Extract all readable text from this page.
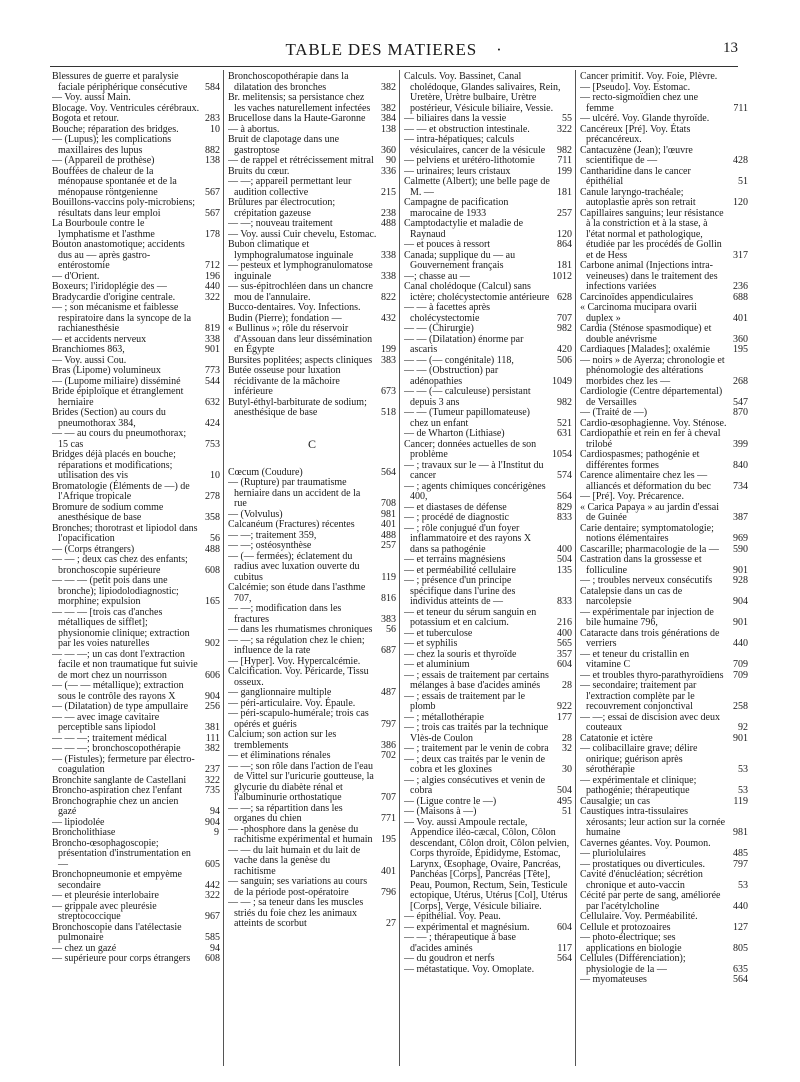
TABLE DES MATIERES ·	13
Blessures de guerre et paralysie faciale périphérique consécutive 584
— Voy. aussi Main.
Blocage. Voy. Ventricules cérébraux.
Bogota et retour.	283
Bouche; réparation des bridges.	10
— (Lupus); les complications maxillaires des lupus	882
— (Appareil de prothèse)	138
Bouffées de chaleur de la ménopause spontanée et de la ménopause röntgenienne	567
Bouillons-vaccins poly-microbiens; résultats dans leur emploi	567
La Bourboule contre le lymphatisme et l'asthme	178
Bouton anastomotique; accidents dus au — après gastro-entérostomie	712
— d'Orient.	196
Boxeurs; l'iridoplégie des —	440
Bradycardie d'origine centrale.	322
— ; son mécanisme et faiblesse respiratoire dans la syncope de la rachianesthésie	819
— et accidents nerveux	338
Branchiomes 863,	901
— Voy. aussi Cou.
Bras (Lipome) volumineux	773
— (Lupome miliaire) disséminé 544
Bride épiploïque et étranglement herniaire	632
Brides (Section) au cours du pneumothorax 384,	424
— — au cours du pneumothorax; 15 cas	753
Bridges déjà placés en bouche; réparations et modifications; utilisation des vis	10
Bromatologie (Éléments de —) de l'Afrique tropicale	278
Bromure de sodium comme anesthésique de base	358
Bronches; thorotrast et lipiodol dans l'opacification	56
— (Corps étrangers)	488
— — ; deux cas chez des enfants; bronchoscopie supérieure	608
— — — (petit pois dans une bronche); lipiodolodiagnostic; morphine; expulsion	165
— — — [trois cas d'anches métalliques de sifflet]; physionomie clinique; extraction par les voies naturelles	902
— — —; un cas dont l'extraction facile et non traumatique fut suivie de mort chez un nourrisson	606
— (— — métallique); extraction sous le contrôle des rayons X	904
— (Dilatation) de type ampullaire 256
— — avec image cavitaire perceptible sans lipiodol	381
— — —; traitement médical	111
— — —; bronchoscopothérapie 382
— (Fistules); fermeture par électro-coagulation	237
Bronchite sanglante de Castellani 322
Broncho-aspiration chez l'enfant 735
Bronchographie chez un ancien gazé	94
— lipiodolée	904
Broncholithiase	9
Broncho-œsophagoscopie; présentation d'instrumentation en —	605
Bronchopneumonie et empyème secondaire	442
— et pleurésie interlobaire	322
— grippale avec pleurésie streptococcique	967
Bronchoscopie dans l'atélectasie pulmonaire	585
— chez un gazé	94
— supérieure pour corps étrangers 608
Bronchoscopothérapie dans la dilatation des bronches	382
Br. melitensis; sa persistance chez les vaches naturellement infectées 382
Brucellose dans la Haute-Garonne 384
— à abortus.	138
Bruit de clapotage dans une gastroptose	360
— de rappel et rétrécissement mitral 90
Bruits du cœur.	336
— —; appareil permettant leur audition collective	215
Brûlures par électrocution; crépitation gazeuse	238
— —; nouveau traitement	488
— Voy. aussi Cuir chevelu, Estomac.
Bubon climatique et lymphogralumatose inguinale	338
— pesteux et lymphogranulomatose inguinale	338
— sus-épitrochléen dans un chancre mou de l'annulaire.	822
Bucco-dentaires. Voy. Infections.
Budin (Pierre); fondation —	432
« Bullinus »; rôle du réservoir d'Assouan dans leur dissémination en Égypte	199
Bursites poplitées; aspects cliniques 383
Butée osseuse pour luxation récidivante de la mâchoire inférieure	673
Butyl-éthyl-barbiturate de sodium; anesthésique de base	518
C
Cœcum (Coudure)	564
— (Rupture) par traumatisme herniaire dans un accident de la rue	708
— (Volvulus)	981
Calcanéum (Fractures) récentes	401
— —; traitement 359,	488
— —; ostéosynthèse	257
— (— fermées); éclatement du radius avec luxation ouverte du cubitus	119
Calcémie; son étude dans l'asthme 707,	816
— —; modification dans les fractures	383
— dans les rhumatismes chroniques 56
— —; sa régulation chez le chien; influence de la rate	687
— [Hyper]. Voy. Hypercalcémie.
Calcification. Voy. Péricarde, Tissu osseux.
— ganglionnaire multiple	487
— péri-articulaire. Voy. Épaule.
— péri-scapulo-humérale; trois cas opérés et guéris	797
Calcium; son action sur les tremblements	386
— et éliminations rénales	702
— —; son rôle dans l'action de l'eau de Vittel sur l'uricurie goutteuse, la glycurie du diabète rénal et l'albuminurie orthostatique	707
— —; sa répartition dans les organes du chien	771
— -phosphore dans la genèse du rachitisme expérimental et humain 195
— — du lait humain et du lait de vache dans la genèse du rachitisme	401
— sanguin; ses variations au cours de la période post-opératoire	796
— — ; sa teneur dans les muscles striés du foie chez les animaux atteints de scorbut	27
Calculs. Voy. Bassinet, Canal cholédoque, Glandes salivaires, Rein, Uretère, Urètre bulbaire, Urètre postérieur, Vésicule biliaire, Vessie.
— biliaires dans la vessie	55
— — et obstruction intestinale.	322
— intra-hépatiques; calculs vésiculaires, cancer de la vésicule 982
— pelviens et urétéro-lithotomie 711
— urinaires; leurs cristaux	199
Calmette (Albert); une belle page de M. —	181
Campagne de pacification marocaine de 1933	257
Camptodactylie et maladie de Raynaud	120
— et pouces à ressort	864
Canada; supplique du — au Gouvernement français	181
—; chasse au —	1012
Canal cholédoque (Calcul) sans ictère; cholécystectomie antérieure 628
— — à facettes après cholécystectomie	707
— — (Chirurgie)	982
— — (Dilatation) énorme par ascaris	420
— — (— congénitale) 118,	506
— — (Obstruction) par adénopathies	1049
— — (— calculeuse) persistant depuis 3 ans	982
— — (Tumeur papillomateuse) chez un enfant	521
— de Wharton (Lithiase)	631
Cancer; données actuelles de son problème	1054
— ; travaux sur le — à l'Institut du cancer	574
— ; agents chimiques concérigènes 400,	564
— et diastases de défense	829
— ; procédé de diagnostic	833
— ; rôle conjugué d'un foyer inflammatoire et des rayons X dans sa pathogénie	400
— et terrains magnésiens	504
— et perméabilité cellulaire	135
— ; présence d'un principe spécifique dans l'urine des individus atteints de —	833
— et teneur du sérum sanguin en potassium et en calcium.	216
— et tuberculose	400
— et syphilis	565
— chez la souris et thyroïde	357
— et aluminium	604
— ; essais de traitement par certains mélanges à base d'acides aminés 28
— ; essais de traitement par le plomb	922
— ; métallothérapie	177
— ; trois cas traités par la technique Vlès-de Coulon	28
— ; traitement par le venin de cobra 32
— ; deux cas traités par le venin de cobra et les gloxines	30
— ; algies consécutives et venin de cobra	504
— (Ligue contre le —)	495
— (Maisons à —)	51
— Voy. aussi Ampoule rectale, Appendice iléo-cæcal, Côlon, Côlon descendant, Côlon droit, Côlon pelvien, Corps thyroïde, Épididyme, Estomac, Larynx, Œsophage, Ovaire, Pancréas, Panchéas [Corps], Pancréas [Tête], Peau, Poumon, Rectum, Sein, Testicule ectopique, Utérus, Utérus [Col], Utérus [Corps], Verge, Vésicule biliaire.
— épithélial. Voy. Peau.
— expérimental et magnésium.	604
— — ; thérapeutique à base d'acides aminés	117
— du goudron et nerfs	564
— métastatique. Voy. Omoplate.
Cancer primitif. Voy. Foie, Plèvre.
— [Pseudo]. Voy. Estomac.
— recto-sigmoïdien chez une femme	711
— ulcéré. Voy. Glande thyroïde.
Cancéreux [Pré]. Voy. États précancéreux.
Cantacuzène (Jean); l'œuvre scientifique de —	428
Cantharidine dans le cancer épithélial	51
Canule laryngo-trachéale; autoplastie après son retrait	120
Capillaires sanguins; leur résistance à la constriction et à la stase, à l'état normal et pathologique, étudiée par les procédés de Gollin et de Hess	317
Carbone animal (Injections intra-veineuses) dans le traitement des infections variées	236
Carcinoïdes appendiculaires	688
« Carcinoma mucipara ovarii duplex »	401
Cardia (Sténose spasmodique) et double anévrisme	360
Cardiaques [Malades]; oxalémie 195
— noirs » de Ayerza; chronologie et phénomologie des altérations morbides chez les —	268
Cardiologie (Centre départemental) de Versailles	547
— (Traité de —)	870
Cardio-œsophagienne. Voy. Sténose.
Cardiopathie et rein en fer à cheval trilobé	399
Cardiospasmes; pathogénie et différentes formes	840
Carence alimentaire chez les — alliancés et déformation du bec 734
— [Pré]. Voy. Précarence.
« Carica Papaya » au jardin d'essai de Guinée	387
Carie dentaire; symptomatologie; notions élémentaires	969
Cascarille; pharmacologie de la — 590
Castration dans la grossesse et folliculine	901
— ; troubles nerveux consécutifs 928
Catalepsie dans un cas de narcolepsie	904
— expérimentale par injection de bile humaine 796,	901
Cataracte dans trois générations de verriers	440
— et teneur du cristallin en vitamine C	709
— et troubles thyro-parathyroïdiens 709
— secondaire; traitement par l'extraction complète par le recouvrement conjonctival	258
— —; essai de discision avec deux couteaux	92
Catatonie et ictère	901
— colibacillaire grave; délire onirique; guérison après sérothérapie	53
— expérimentale et clinique; pathogénie; thérapeutique	53
Causalgie; un cas	119
Caustiques intra-tissulaires xérosants; leur action sur la cornée humaine	981
Cavernes géantes. Voy. Poumon.
— pluriolulaires	485
— prostatiques ou diverticules.	797
Cavité d'énucléation; sécrétion chronique et auto-vaccin	53
Cécité par perte de sang, améliorée par l'acétylcholine	440
Cellulaire. Voy. Perméabilité.
Cellule et protozoaires	127
— photo-électrique; ses applications en biologie	805
Cellules (Différenciation); physiologie de la —	635
— myomateuses	564
